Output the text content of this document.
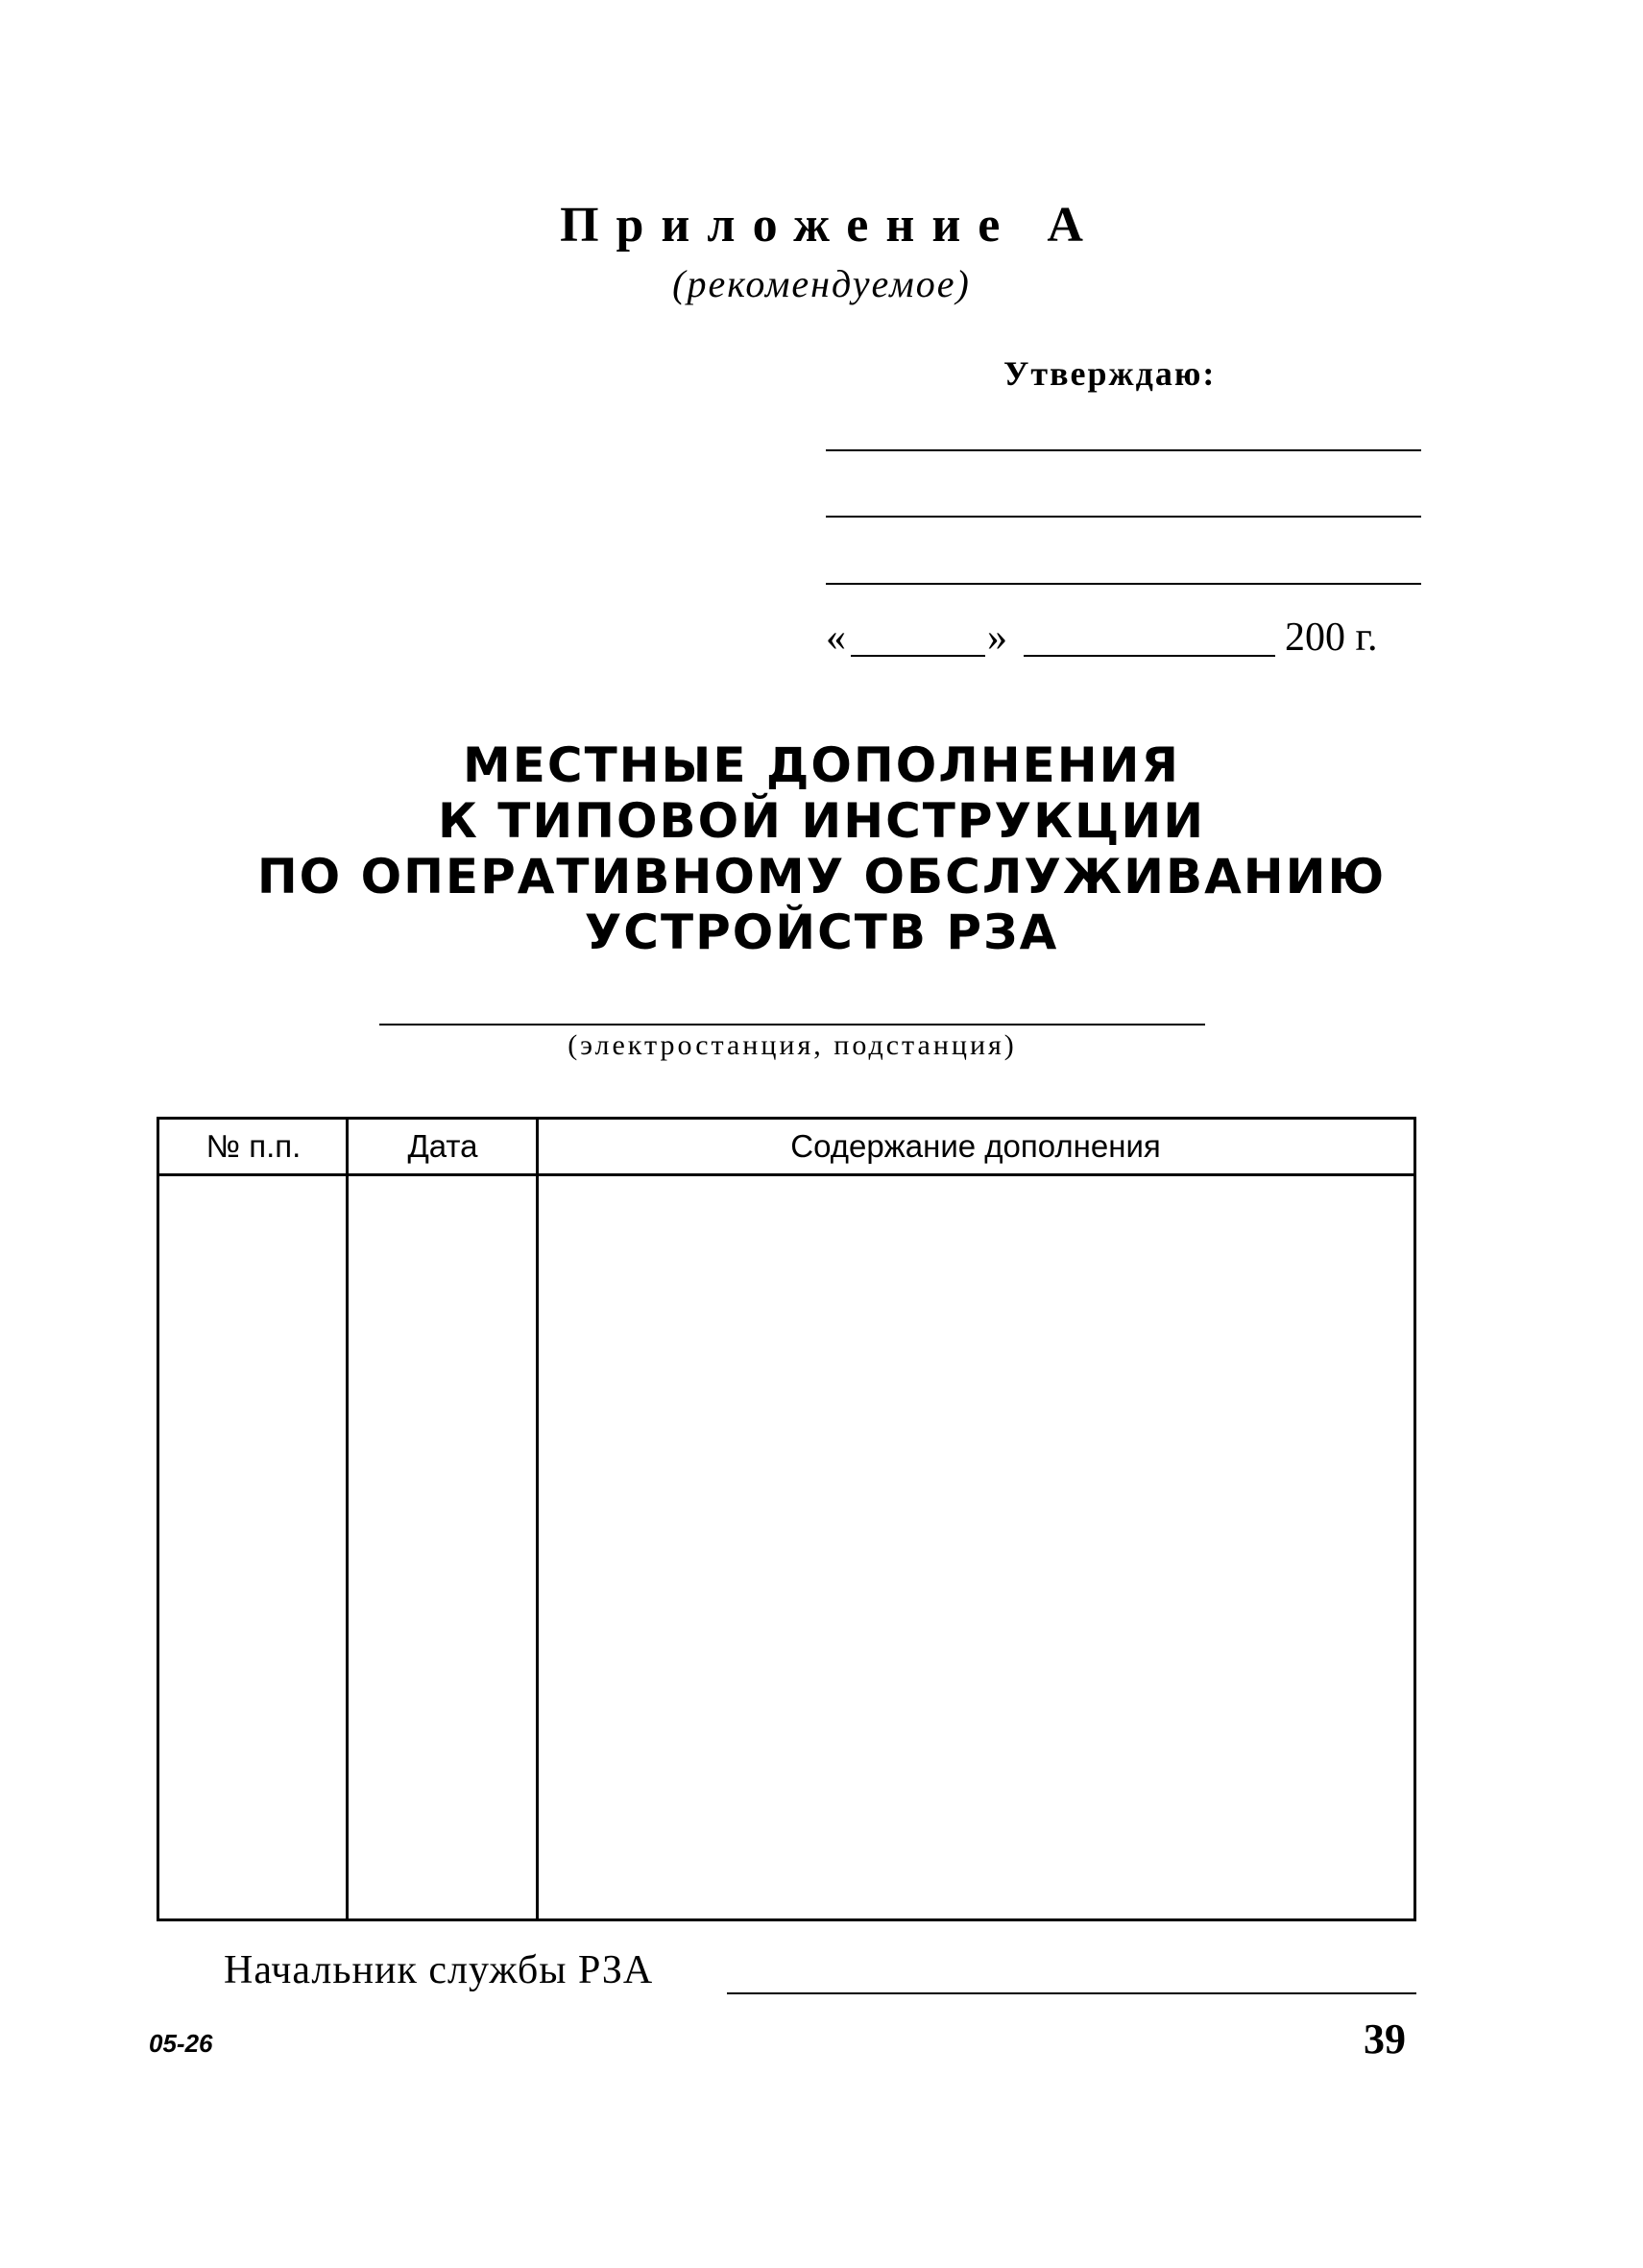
Приложение А
(рекомендуемое)
Утверждаю:
«	»	200 г.
МЕСТНЫЕ ДОПОЛНЕНИЯ
К ТИПОВОЙ ИНСТРУКЦИИ
ПО ОПЕРАТИВНОМУ ОБСЛУЖИВАНИЮ
УСТРОЙСТВ РЗА
(электростанция, подстанция)
№ п.п.	Дата	Содержание дополнения
Начальник службы РЗА
05-26	39
